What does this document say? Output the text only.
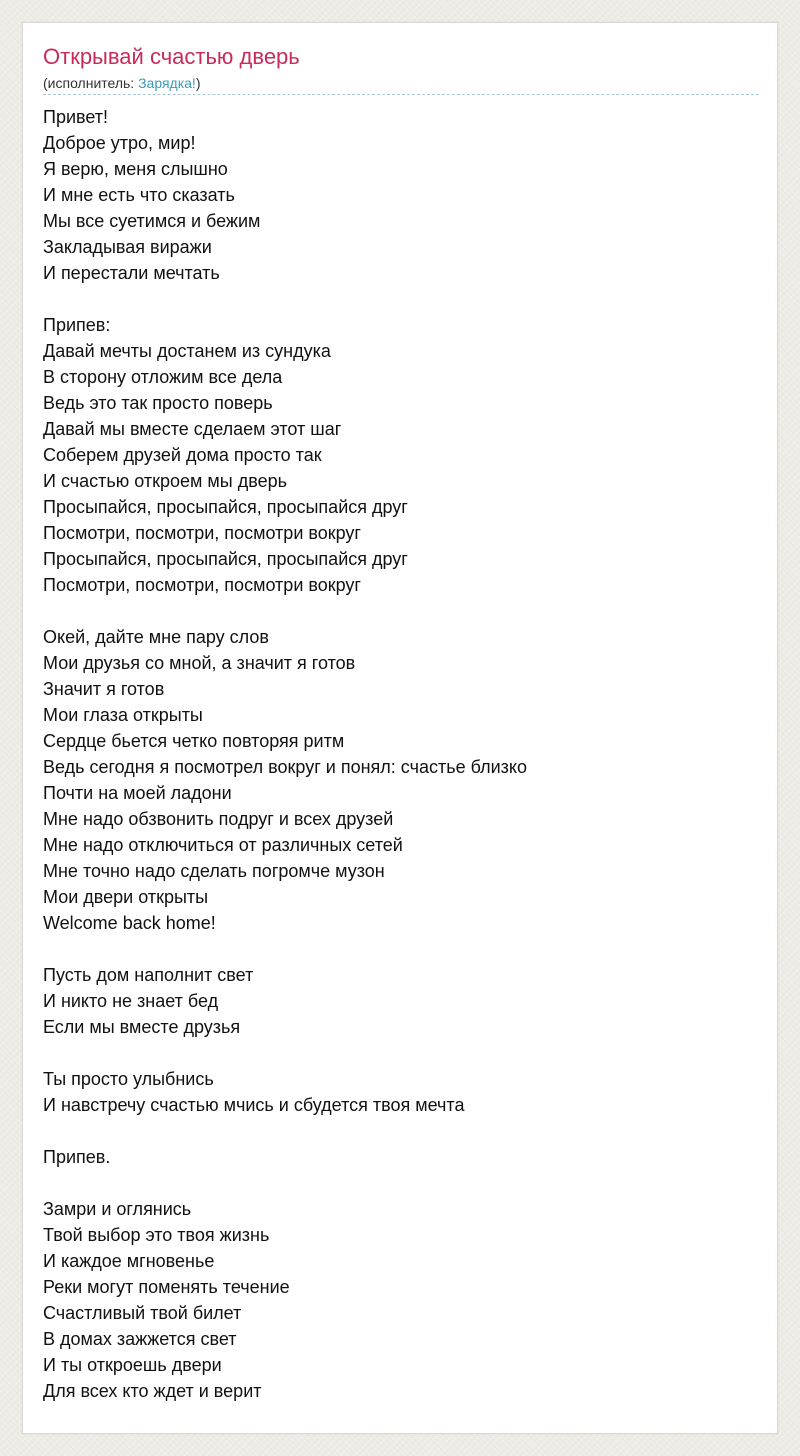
Открывай счастью дверь
(исполнитель: Зарядка!)
Привет!
Доброе утро, мир!
Я верю, меня слышно
И мне есть что сказать
Мы все суетимся и бежим
Закладывая виражи
И перестали мечтать
Припев:
Давай мечты достанем из сундука
В сторону отложим все дела
Ведь это так просто поверь
Давай мы вместе сделаем этот шаг
Соберем друзей дома просто так
И счастью откроем мы дверь
Просыпайся, просыпайся, просыпайся друг
Посмотри, посмотри, посмотри вокруг
Просыпайся, просыпайся, просыпайся друг
Посмотри, посмотри, посмотри вокруг
Окей, дайте мне пару слов
Мои друзья со мной, а значит я готов
Значит я готов
Мои глаза открыты
Сердце бьется четко повторяя ритм
Ведь сегодня я посмотрел вокруг и понял: счастье близко
Почти на моей ладони
Мне надо обзвонить подруг и всех друзей
Мне надо отключиться от различных сетей
Мне точно надо сделать погромче музон
Мои двери открыты
Welcome back home!
Пусть дом наполнит свет
И никто не знает бед
Если мы вместе друзья
Ты просто улыбнись
И навстречу счастью мчись и сбудется твоя мечта
Припев.
Замри и оглянись
Твой выбор это твоя жизнь
И каждое мгновенье
Реки могут поменять течение
Счастливый твой билет
В домах зажжется свет
И ты откроешь двери
Для всех кто ждет и верит
